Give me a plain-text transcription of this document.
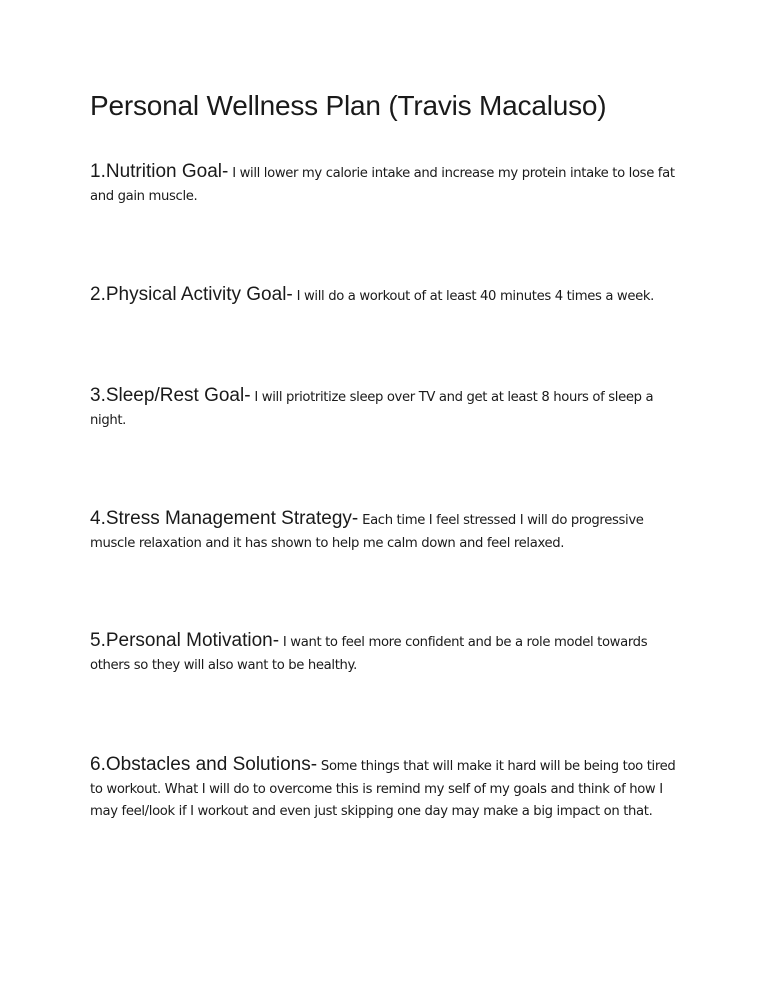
Personal Wellness Plan (Travis Macaluso)

1.Nutrition Goal- I will lower my calorie intake and increase my protein intake to lose fat and gain muscle.

2.Physical Activity Goal- I will do a workout of at least 40 minutes 4 times a week.

3.Sleep/Rest Goal- I will priotritize sleep over TV and get at least 8 hours of sleep a night.

4.Stress Management Strategy- Each time I feel stressed I will do progressive muscle relaxation and it has shown to help me calm down and feel relaxed.

5.Personal Motivation- I want to feel more confident and be a role model towards others so they will also want to be healthy.

6.Obstacles and Solutions- Some things that will make it hard will be being too tired to workout. What I will do to overcome this is remind my self of my goals and think of how I may feel/look if I workout and even just skipping one day may make a big impact on that.
